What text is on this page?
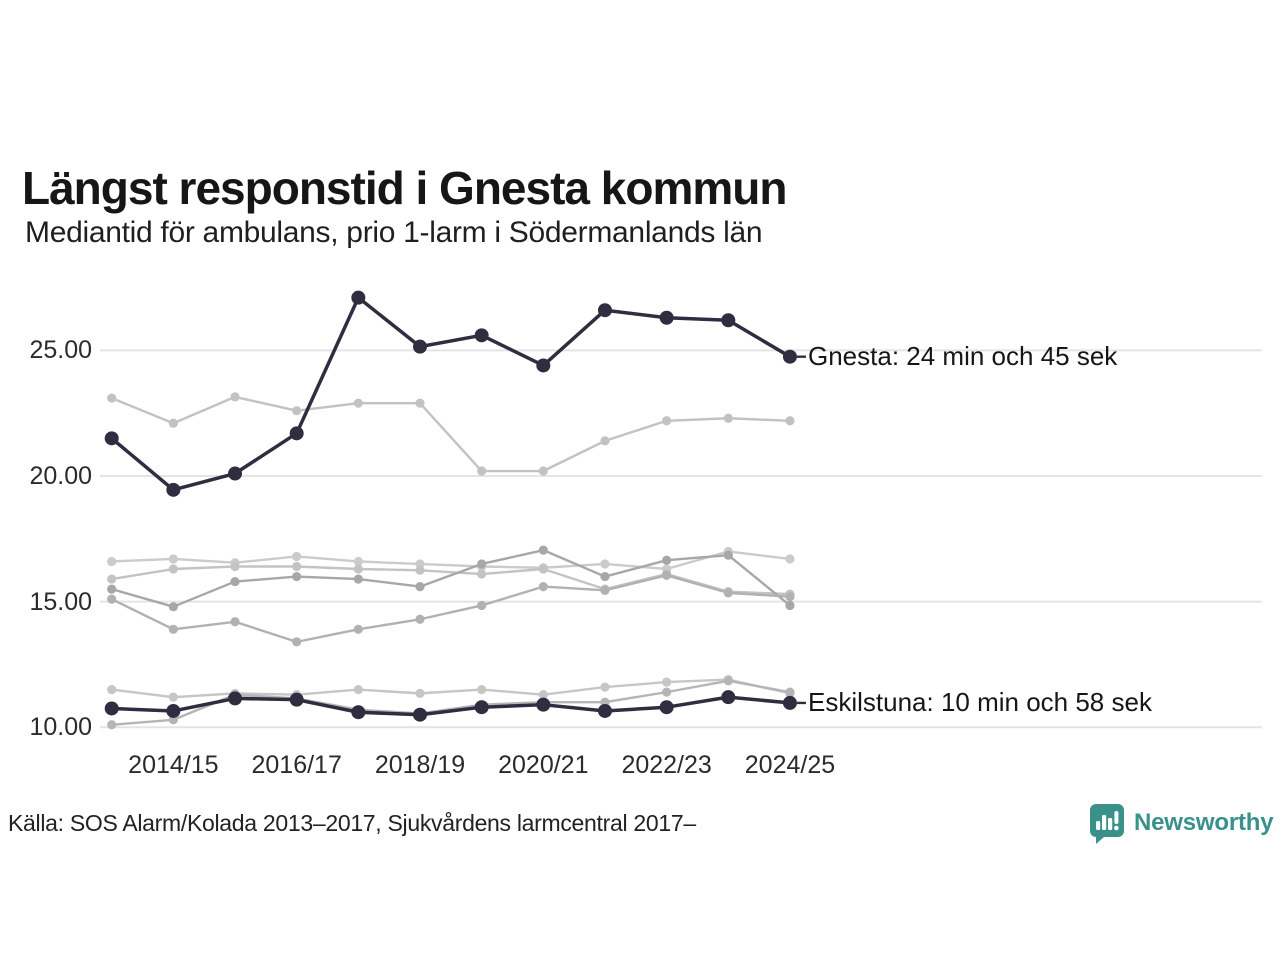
Längst responstid i Gnesta kommun
Mediantid för ambulans, prio 1-larm i Södermanlands län
25.00
20.00
15.00
10.00
2014/15	2016/17	2018/19	2020/21	2022/23	2024/25
Gnesta: 24 min och 45 sek
Eskilstuna: 10 min och 58 sek
Källa: SOS Alarm/Kolada 2013–2017, Sjukvårdens larmcentral 2017–	Newsworthy
